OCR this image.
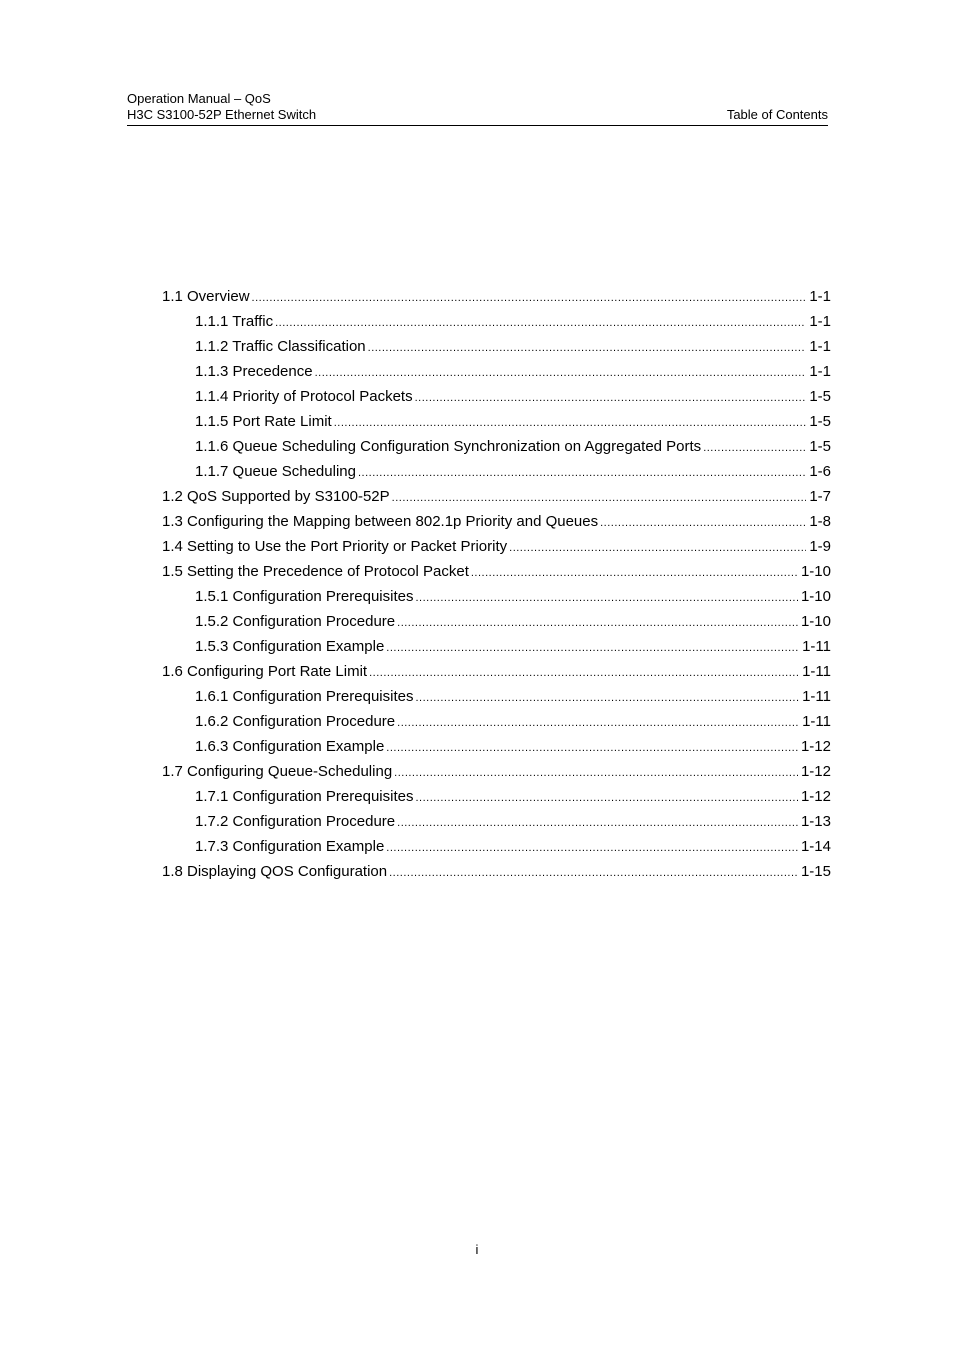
Operation Manual – QoS
H3C S3100-52P Ethernet Switch	Table of Contents
1.1 Overview .....	1-1
1.1.1 Traffic .....	1-1
1.1.2 Traffic Classification .....	1-1
1.1.3 Precedence .....	1-1
1.1.4 Priority of Protocol Packets .....	1-5
1.1.5 Port Rate Limit .....	1-5
1.1.6 Queue Scheduling Configuration Synchronization on Aggregated Ports .....	1-5
1.1.7 Queue Scheduling .....	1-6
1.2 QoS Supported by S3100-52P .....	1-7
1.3 Configuring the Mapping between 802.1p Priority and Queues .....	1-8
1.4 Setting to Use the Port Priority or Packet Priority .....	1-9
1.5 Setting the Precedence of Protocol Packet .....	1-10
1.5.1 Configuration Prerequisites .....	1-10
1.5.2 Configuration Procedure .....	1-10
1.5.3 Configuration Example .....	1-11
1.6 Configuring Port Rate Limit .....	1-11
1.6.1 Configuration Prerequisites .....	1-11
1.6.2 Configuration Procedure .....	1-11
1.6.3 Configuration Example .....	1-12
1.7 Configuring Queue-Scheduling .....	1-12
1.7.1 Configuration Prerequisites .....	1-12
1.7.2 Configuration Procedure .....	1-13
1.7.3 Configuration Example .....	1-14
1.8 Displaying QOS Configuration .....	1-15
i
